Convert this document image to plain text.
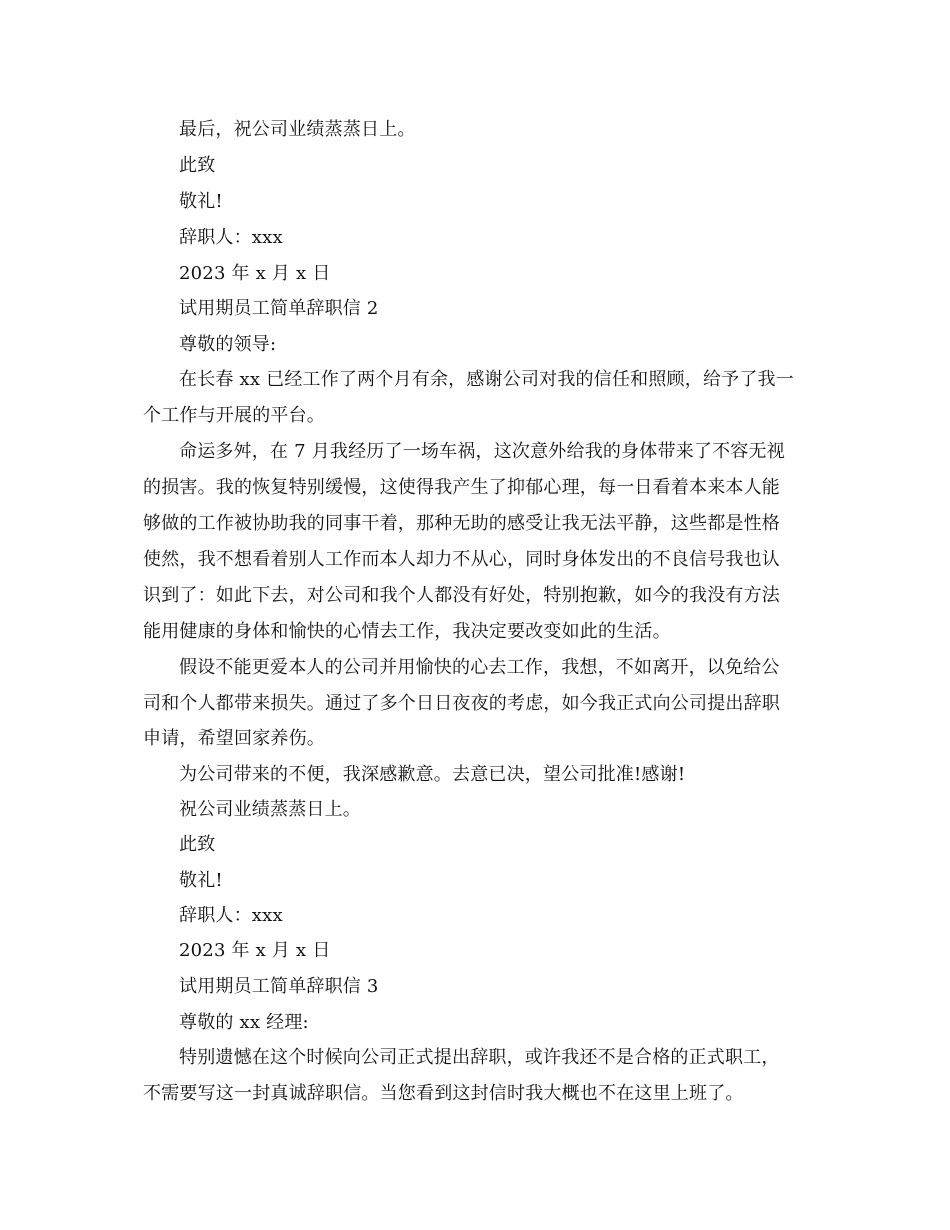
最后，祝公司业绩蒸蒸日上。
此致
敬礼!
辞职人：xxx
2023 年 x 月 x 日
试用期员工简单辞职信 2
尊敬的领导:
在长春 xx 已经工作了两个月有余，感谢公司对我的信任和照顾，给予了我一
个工作与开展的平台。
命运多舛，在 7 月我经历了一场车祸，这次意外给我的身体带来了不容无视
的损害。我的恢复特别缓慢，这使得我产生了抑郁心理，每一日看着本来本人能
够做的工作被协助我的同事干着，那种无助的感受让我无法平静，这些都是性格
使然，我不想看着别人工作而本人却力不从心，同时身体发出的不良信号我也认
识到了：如此下去，对公司和我个人都没有好处，特别抱歉，如今的我没有方法
能用健康的身体和愉快的心情去工作，我决定要改变如此的生活。
假设不能更爱本人的公司并用愉快的心去工作，我想，不如离开，以免给公
司和个人都带来损失。通过了多个日日夜夜的考虑，如今我正式向公司提出辞职
申请，希望回家养伤。
为公司带来的不便，我深感歉意。去意已决，望公司批准!感谢!
祝公司业绩蒸蒸日上。
此致
敬礼!
辞职人：xxx
2023 年 x 月 x 日
试用期员工简单辞职信 3
尊敬的 xx 经理:
特别遗憾在这个时候向公司正式提出辞职，或许我还不是合格的正式职工，
不需要写这一封真诚辞职信。当您看到这封信时我大概也不在这里上班了。
